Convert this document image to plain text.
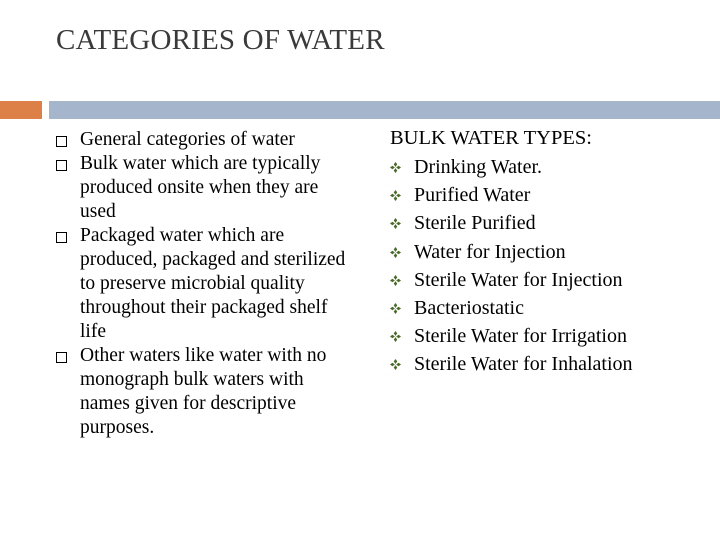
CATEGORIES OF WATER
General categories of water
Bulk water which are typically produced onsite when they are used
Packaged water which are produced, packaged and sterilized to preserve microbial quality throughout their packaged shelf life
Other waters like water with no monograph bulk waters with names given for descriptive purposes.
BULK WATER TYPES:
Drinking Water.
Purified Water
Sterile Purified
Water for Injection
Sterile Water for Injection
Bacteriostatic
Sterile Water for Irrigation
Sterile Water for Inhalation
